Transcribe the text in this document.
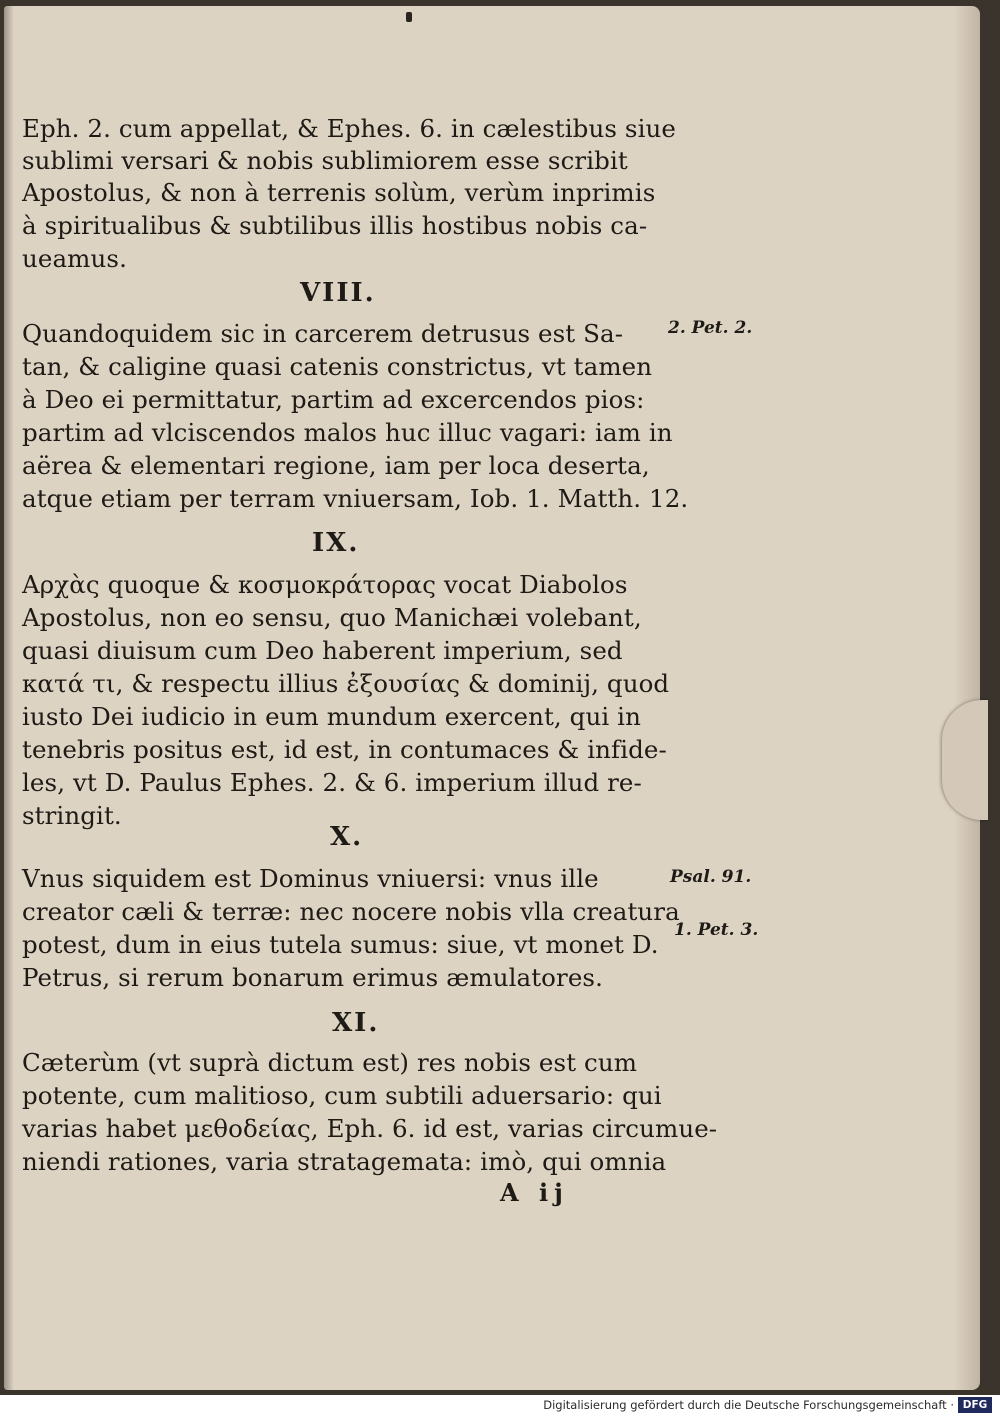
Eph. 2. cum appellat, & Ephes. 6. in cælestibus siue

sublimi versari & nobis sublimiorem esse scribit

Apostolus, & non à terrenis solùm, verùm inprimis

à spiritualibus & subtilibus illis hostibus nobis ca-

ueamus.

VIII.

Quandoquidem sic in carcerem detrusus est Sa-

tan, & caligine quasi catenis constrictus, vt tamen

à Deo ei permittatur, partim ad excercendos pios:

partim ad vlciscendos malos huc illuc vagari: iam in

aërea & elementari regione, iam per loca deserta,

atque etiam per terram vniuersam, Iob. 1. Matth. 12.

IX.

Αρχὰς quoque & κοσμοκράτορας vocat Diabolos

Apostolus, non eo sensu, quo Manichæi volebant,

quasi diuisum cum Deo haberent imperium, sed

κατά τι, & respectu illius ἐξουσίας & dominij, quod

iusto Dei iudicio in eum mundum exercent, qui in

tenebris positus est, id est, in contumaces & infide-

les, vt D. Paulus Ephes. 2. & 6. imperium illud re-

stringit.

X.

Vnus siquidem est Dominus vniuersi: vnus ille

creator cæli & terræ: nec nocere nobis vlla creatura

potest, dum in eius tutela sumus: siue, vt monet D.

Petrus, si rerum bonarum erimus æmulatores.

XI.

Cæterùm (vt suprà dictum est) res nobis est cum

potente, cum malitioso, cum subtili aduersario: qui

varias habet μεθοδείας, Eph. 6. id est, varias circumue-

niendi rationes, varia stratagemata: imò, qui omnia

2. Pet. 2.

Psal. 91.

1. Pet. 3.

A ij

Digitalisierung gefördert durch die Deutsche Forschungsgemeinschaft · DFG
